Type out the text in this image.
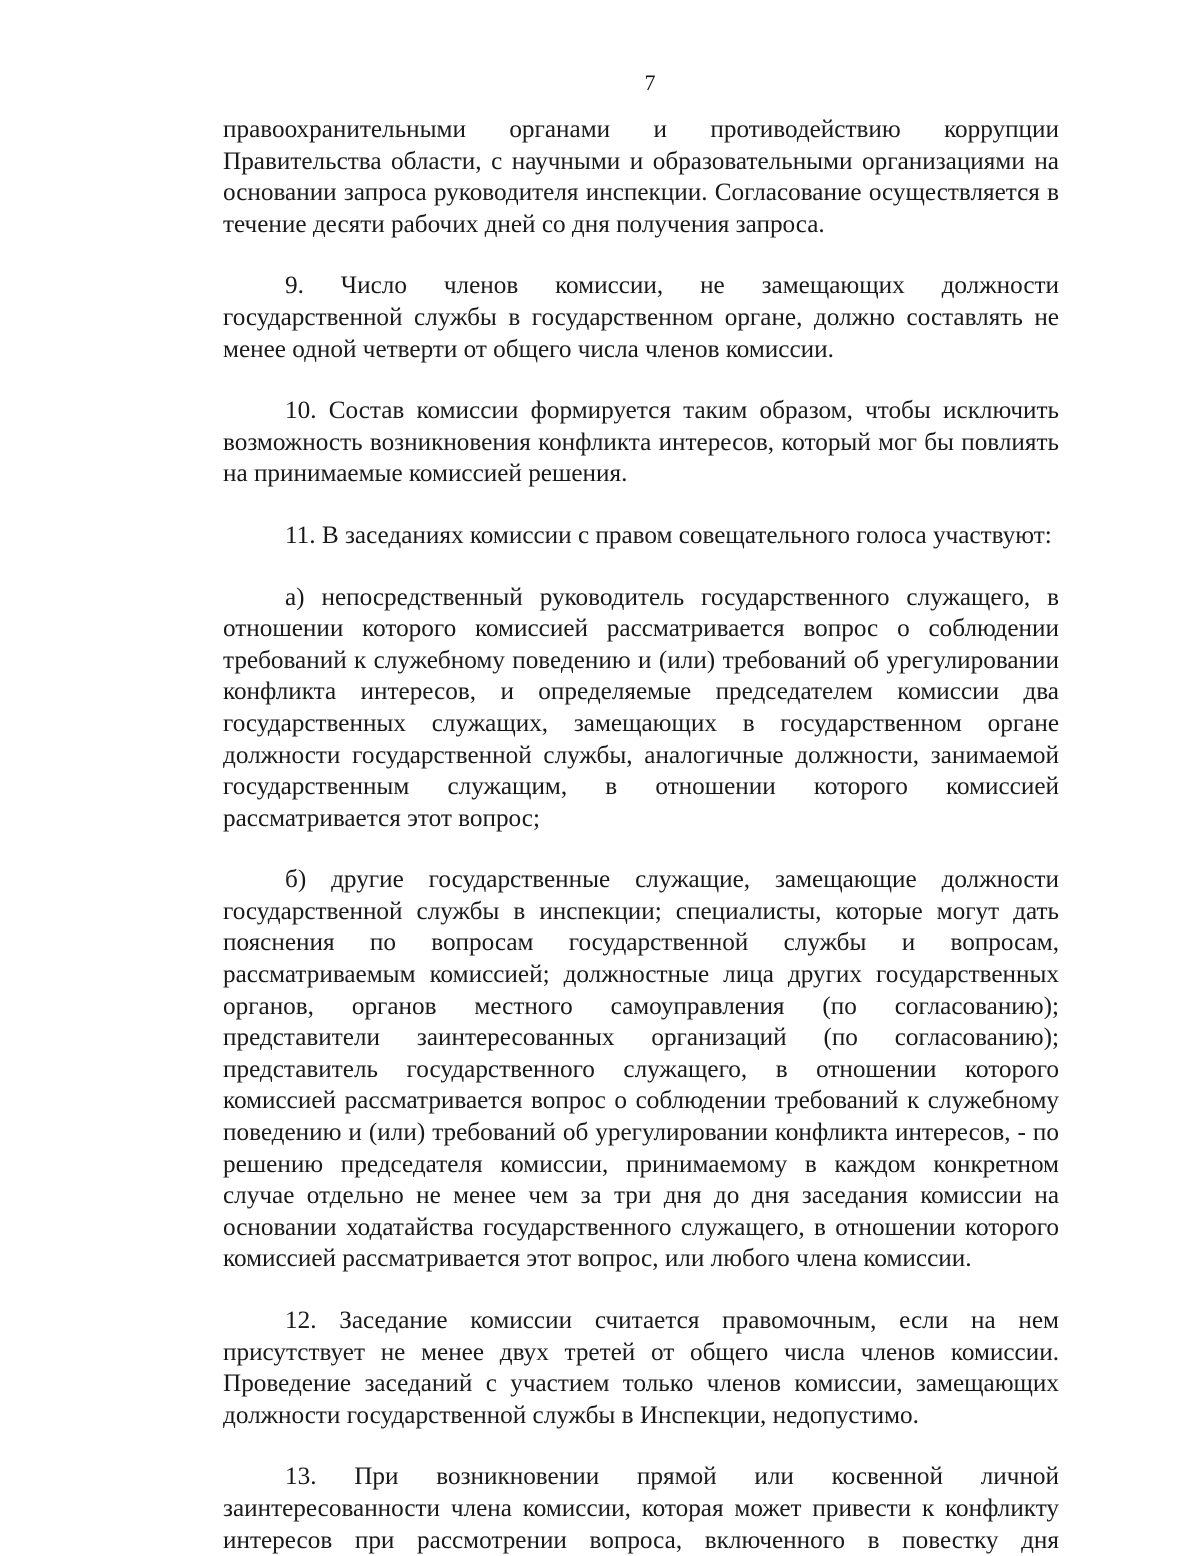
7

правоохранительными органами и противодействию коррупции Правительства области, с научными и образовательными организациями на основании запроса руководителя инспекции. Согласование осуществляется в течение десяти рабочих дней со дня получения запроса.

9. Число членов комиссии, не замещающих должности государственной службы в государственном органе, должно составлять не менее одной четверти от общего числа членов комиссии.

10. Состав комиссии формируется таким образом, чтобы исключить возможность возникновения конфликта интересов, который мог бы повлиять на принимаемые комиссией решения.

11. В заседаниях комиссии с правом совещательного голоса участвуют:

а) непосредственный руководитель государственного служащего, в отношении которого комиссией рассматривается вопрос о соблюдении требований к служебному поведению и (или) требований об урегулировании конфликта интересов, и определяемые председателем комиссии два государственных служащих, замещающих в государственном органе должности государственной службы, аналогичные должности, занимаемой государственным служащим, в отношении которого комиссией рассматривается этот вопрос;

б) другие государственные служащие, замещающие должности государственной службы в инспекции; специалисты, которые могут дать пояснения по вопросам государственной службы и вопросам, рассматриваемым комиссией; должностные лица других государственных органов, органов местного самоуправления (по согласованию); представители заинтересованных организаций (по согласованию); представитель государственного служащего, в отношении которого комиссией рассматривается вопрос о соблюдении требований к служебному поведению и (или) требований об урегулировании конфликта интересов, - по решению председателя комиссии, принимаемому в каждом конкретном случае отдельно не менее чем за три дня до дня заседания комиссии на основании ходатайства государственного служащего, в отношении которого комиссией рассматривается этот вопрос, или любого члена комиссии.

12. Заседание комиссии считается правомочным, если на нем присутствует не менее двух третей от общего числа членов комиссии. Проведение заседаний с участием только членов комиссии, замещающих должности государственной службы в Инспекции, недопустимо.

13. При возникновении прямой или косвенной личной заинтересованности члена комиссии, которая может привести к конфликту интересов при рассмотрении вопроса, включенного в повестку дня
